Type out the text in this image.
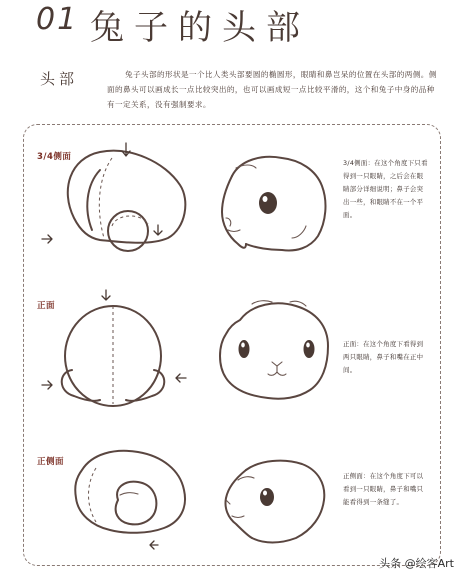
01 兔子的头部
头部	兔子头部的形状是一个比人类头部要圆的椭圆形，眼睛和鼻岂呆的位置在头部的两侧。侧面的鼻头可以画成长一点比较突出的，也可以画成短一点比较平滑的，这个和兔子中身的品种有一定关系，没有强制要求。
3/4侧面
3/4侧面：在这个角度下只看得到一只眼睛，之后会在眼睛部分详细说明；鼻子会突出一些，和眼睛不在一个平面。
正面
正面：在这个角度下看得到两只眼睛，鼻子和嘴在正中间。
正侧面
正侧面：在这个角度下可以看到一只眼睛，鼻子和嘴只能看得到一条缝了。
头条 @绘客Art
